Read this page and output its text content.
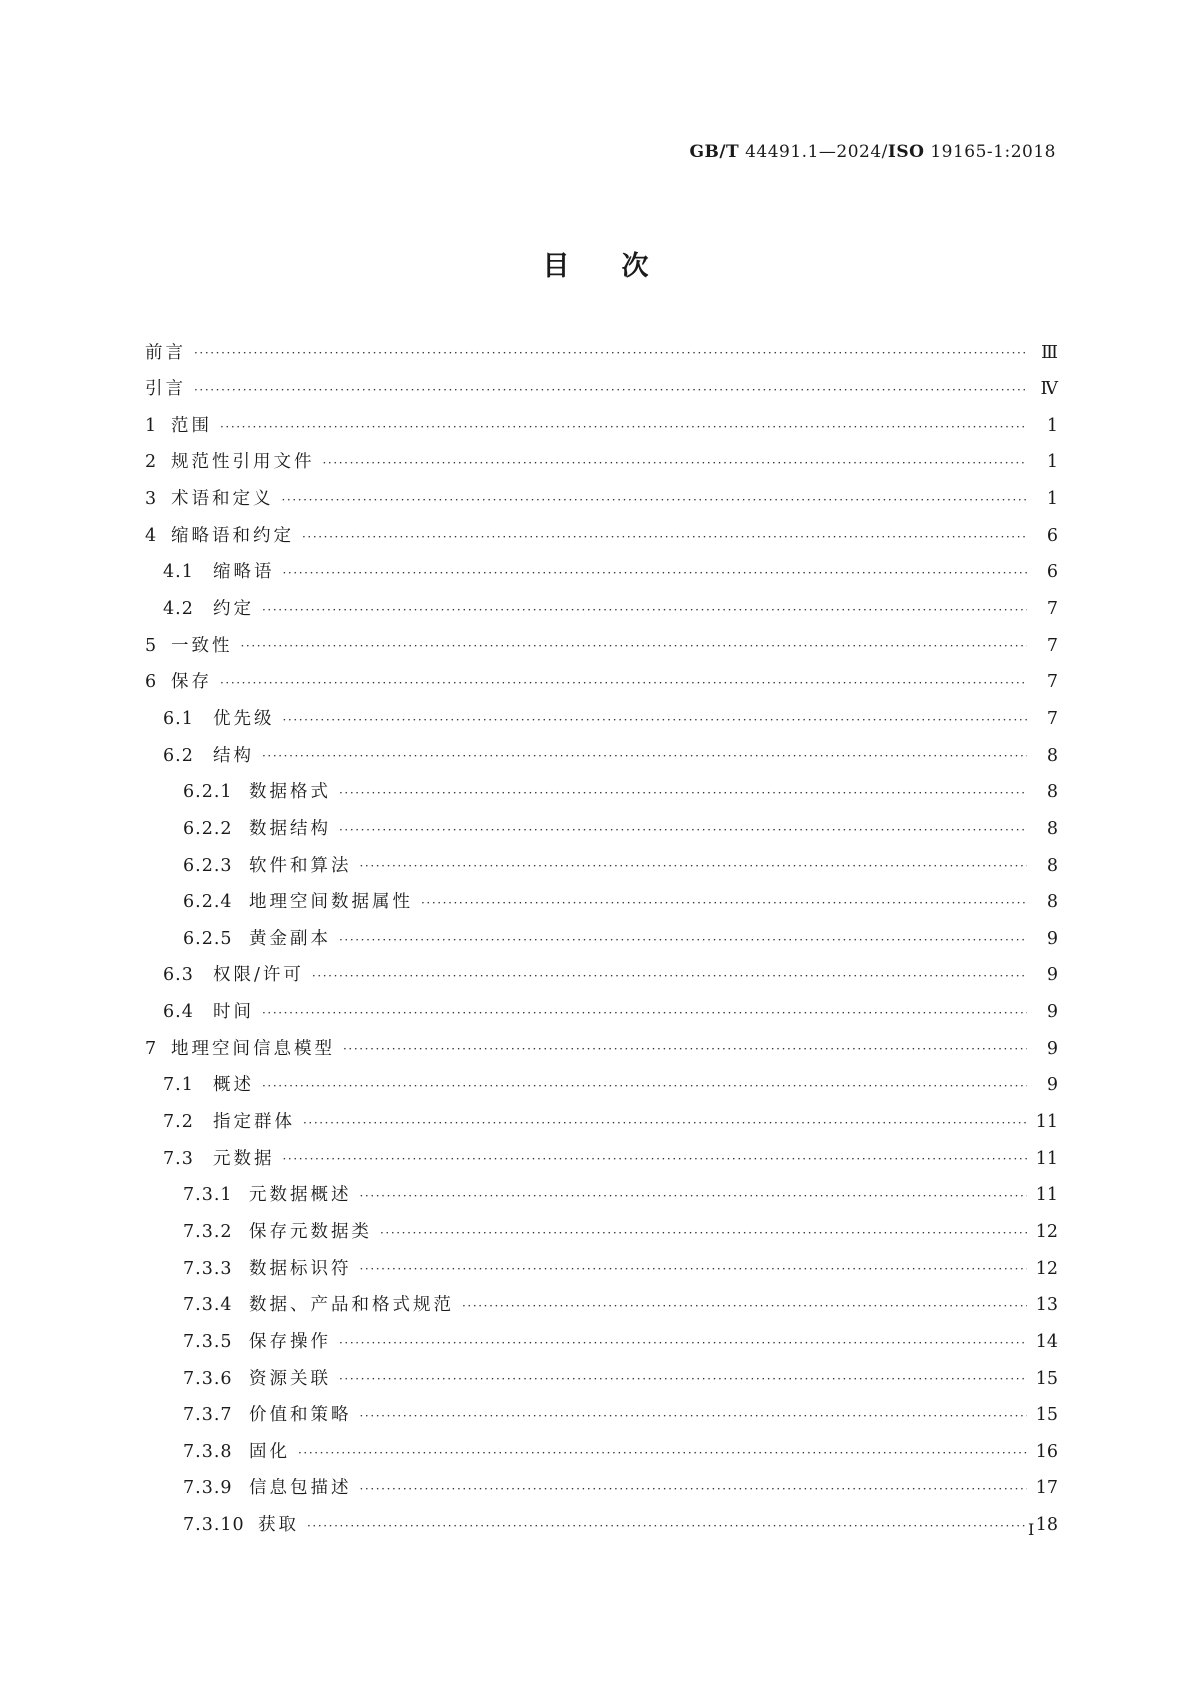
GB/T 44491.1—2024/ISO 19165-1:2018
目次
前言 ·····	Ⅲ
引言 ·····	Ⅳ
1 范围 ·····	1
2 规范性引用文件 ·····	1
3 术语和定义 ·····	1
4 缩略语和约定 ·····	6
4.1	缩略语 ·····	6
4.2	约定 ·····	7
5 一致性 ·····	7
6 保存 ·····	7
6.1	优先级 ·····	7
6.2	结构 ·····	8
6.2.1 数据格式 ·····	8
6.2.2 数据结构 ·····	8
6.2.3 软件和算法 ·····	8
6.2.4 地理空间数据属性 ·····	8
6.2.5 黄金副本 ·····	9
6.3	权限/许可 ·····	9
6.4	时间 ·····	9
7 地理空间信息模型 ·····	9
7.1	概述 ·····	9
7.2	指定群体 ·····	11
7.3	元数据 ·····	11
7.3.1 元数据概述 ·····	11
7.3.2 保存元数据类 ·····	12
7.3.3 数据标识符 ·····	12
7.3.4 数据、产品和格式规范 ·····	13
7.3.5 保存操作 ·····	14
7.3.6 资源关联 ·····	15
7.3.7 价值和策略 ·····	15
7.3.8 固化 ·····	16
7.3.9 信息包描述 ·····	17
7.3.10 获取 ·····	18
Ⅰ
